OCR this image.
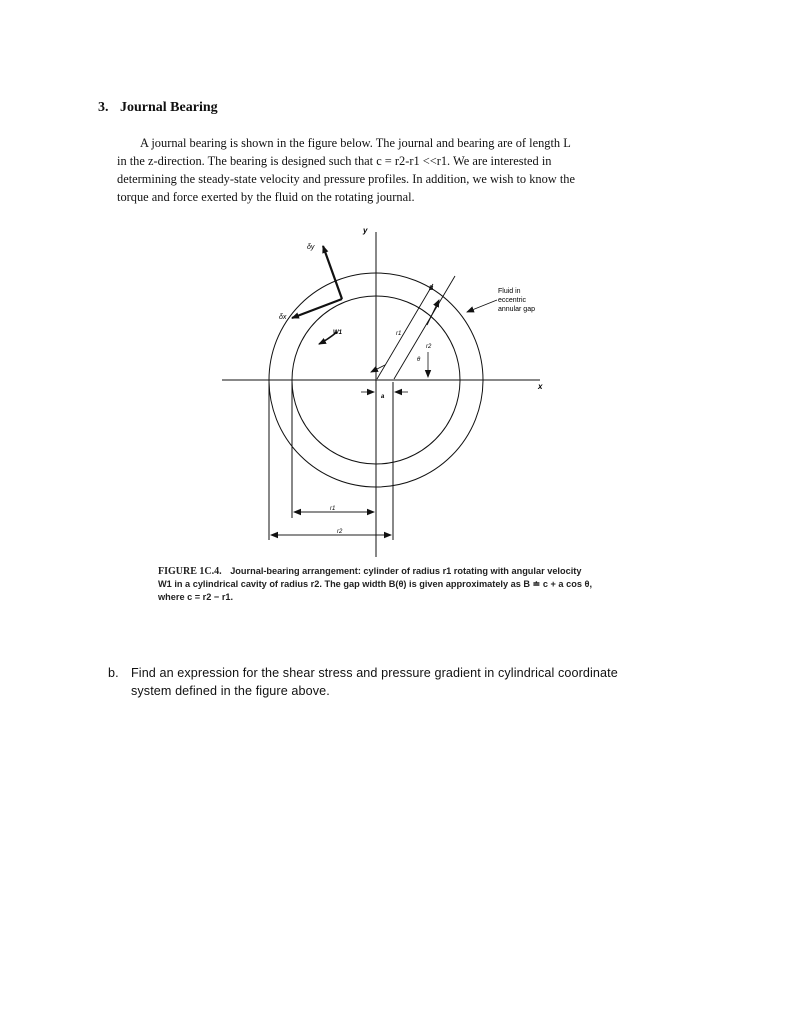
3. Journal Bearing

A journal bearing is shown in the figure below. The journal and bearing are of length L

in the z-direction. The bearing is designed such that c = r2-r1 <<r1. We are interested in
determining the steady-state velocity and pressure profiles. In addition, we wish to know the
torque and force exerted by the fluid on the rotating journal.
y
x
r1
r2
r1
r2
B
θ
a
δy
δx
W1
Fluid in
eccentric
annular gap
FIGURE 1C.4. Journal-bearing arrangement: cylinder of radius r1 rotating with angular velocity
W1 in a cylindrical cavity of radius r2. The gap width B(θ) is given approximately as B ≐ c + a cos θ,
where c = r2 − r1.
b. Find an expression for the shear stress and pressure gradient in cylindrical coordinate
system defined in the figure above.
